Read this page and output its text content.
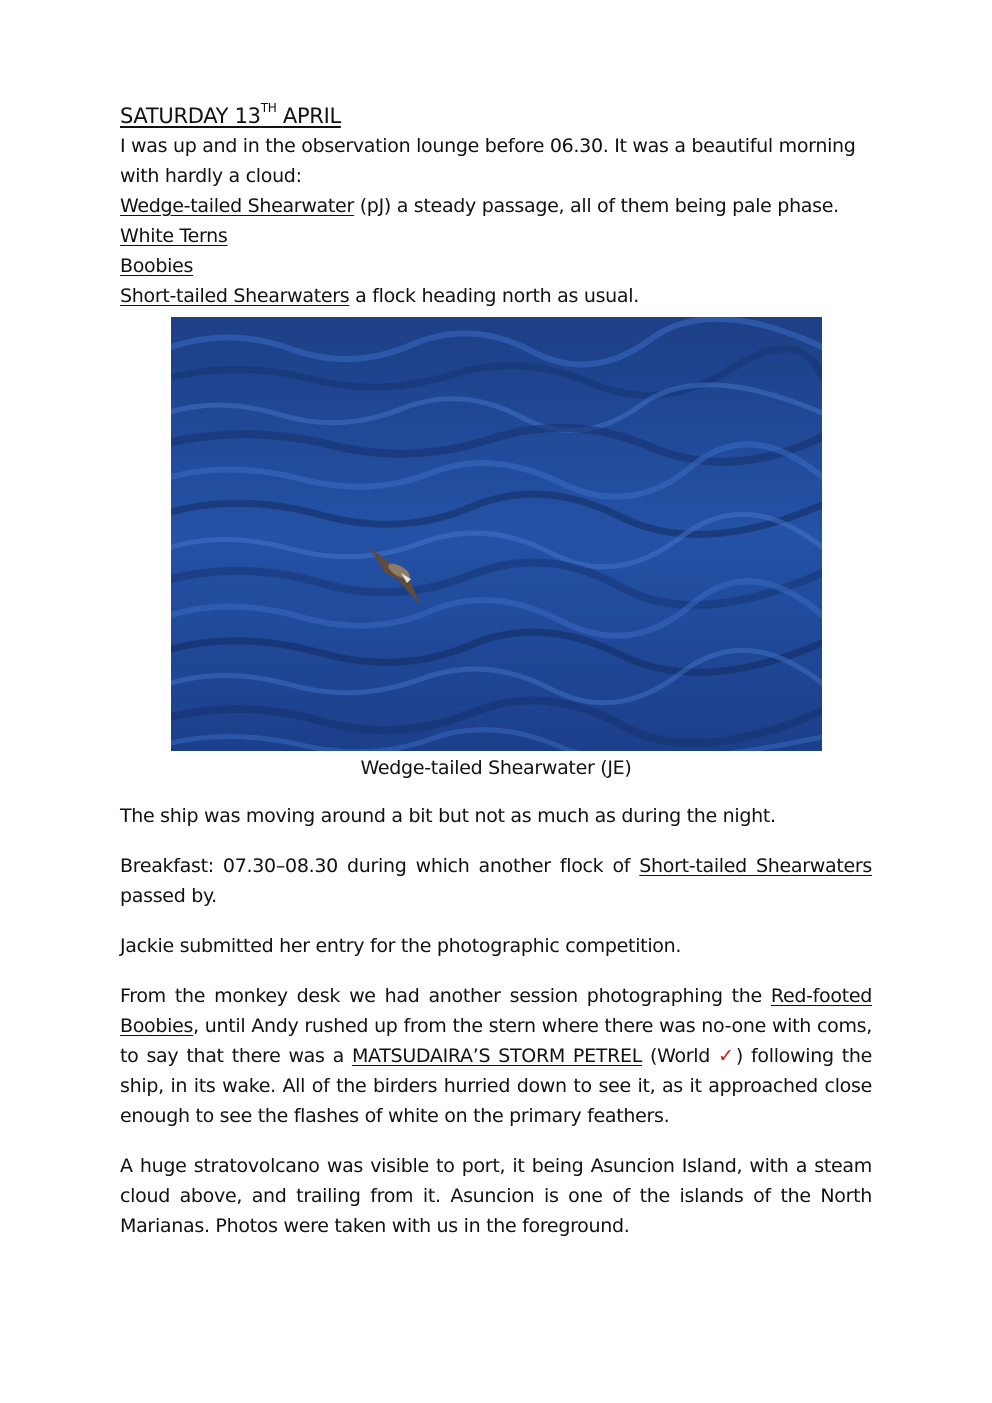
SATURDAY 13TH APRIL

I was up and in the observation lounge before 06.30. It was a beautiful morning

with hardly a cloud:

Wedge-tailed Shearwater (pJ) a steady passage, all of them being pale phase.

White Terns

Boobies

Short-tailed Shearwaters a flock heading north as usual.

Wedge-tailed Shearwater (JE)

The ship was moving around a bit but not as much as during the night.

Breakfast: 07.30–08.30 during which another flock of Short-tailed Shearwaters passed by.

Jackie submitted her entry for the photographic competition.

From the monkey desk we had another session photographing the Red-footed Boobies, until Andy rushed up from the stern where there was no-one with coms, to say that there was a MATSUDAIRA’S STORM PETREL (World ✓) following the ship, in its wake. All of the birders hurried down to see it, as it approached close enough to see the flashes of white on the primary feathers.

A huge stratovolcano was visible to port, it being Asuncion Island, with a steam cloud above, and trailing from it. Asuncion is one of the islands of the North Marianas. Photos were taken with us in the foreground.
